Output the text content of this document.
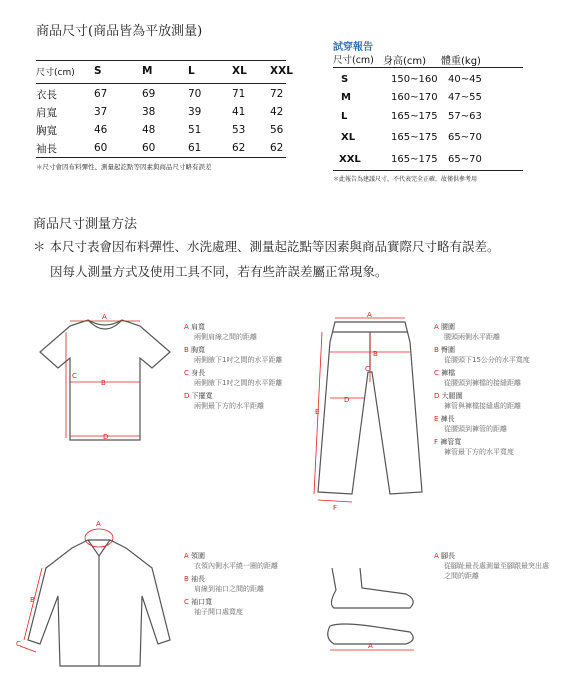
商品尺寸(商品皆為平放測量)
尺寸(cm)	S	M	L	XL	XXL
衣長	67	69	70	71	72
肩寬	37	38	39	41	42
胸寬	46	48	51	53	56
袖長	60	60	61	62	62
＊尺寸會因布料彈性、測量起訖點等因素與商品尺寸略有誤差
試穿報告
尺寸(cm)	身高(cm)	體重(kg)
S	150~160	40~45
M	160~170	47~55
L	165~175	57~63
XL	165~175	65~70
XXL	165~175	65~70
＊此報告為建議尺寸，不代表完全正確，故僅供參考用
商品尺寸測量方法
＊ 本尺寸表會因布料彈性、水洗處理、測量起訖點等因素與商品實際尺寸略有誤差。
因每人測量方式及使用工具不同，若有些許誤差屬正常現象。
A
B
C
D
A 肩寬
兩側肩線之間的距離
B 胸寬
兩側腋下1吋之間的水平距離
C 身長
兩側腋下1吋之間的水平距離
D 下擺寬
兩側最下方的水平距離
A
B
C
D
E
F
A 腰圍
腰頭兩側水平距離
B 臀圍
從腰頭下15公分的水平寬度
C 褲檔
從腰頭到褲檔的接縫距離
D 大腿圍
褲管與褲檔接縫處的距離
E 褲長
從腰頭到褲管的距離
F 褲管寬
褲管最下方的水平寬度
A
B
C
A 領圍
衣領內側水平繞一圈的距離
B 袖長
肩線到袖口之間的距離
C 袖口寬
袖子開口處寬度
A
A 腳長
從腳趾最長處測量至腳跟最突出處之間的距離
